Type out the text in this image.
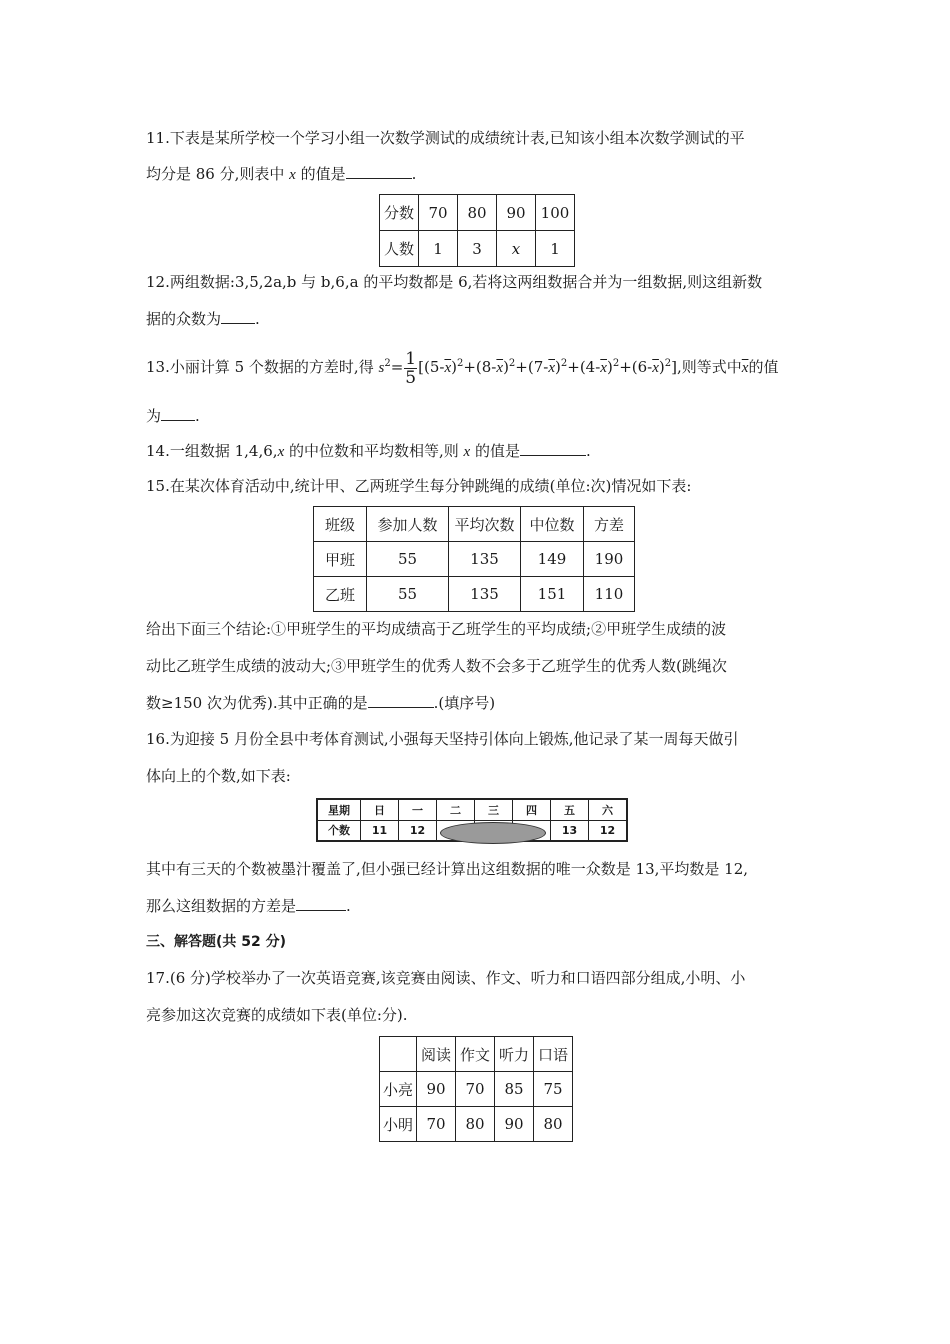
11.下表是某所学校一个学习小组一次数学测试的成绩统计表,已知该小组本次数学测试的平
均分是 86 分,则表中 x 的值是	.
分数	70	80	90	100
人数	1	3	x	1
12.两组数据:3,5,2a,b 与 b,6,a 的平均数都是 6,若将这两组数据合并为一组数据,则这组新数
据的众数为 .
13.小丽计算 5 个数据的方差时,得 $s^2= \frac{1}{5} [(5-\overline{x})^2+(8-\overline{x})^2+(7-\overline{x})^2+(4-\overline{x})^2+(6-\overline{x})^2]$,则等式中$\overline{x}$的值
为 .
14.一组数据 1,4,6,x 的中位数和平均数相等,则 x 的值是	.
15.在某次体育活动中,统计甲、乙两班学生每分钟跳绳的成绩(单位:次)情况如下表:
班级	参加人数	平均次数	中位数	方差
甲班	55	135	149	190
乙班	55	135	151	110
给出下面三个结论:①甲班学生的平均成绩高于乙班学生的平均成绩;②甲班学生成绩的波
动比乙班学生成绩的波动大;③甲班学生的优秀人数不会多于乙班学生的优秀人数(跳绳次
数≥150 次为优秀).其中正确的是	.(填序号)
16.为迎接 5 月份全县中考体育测试,小强每天坚持引体向上锻炼,他记录了某一周每天做引
体向上的个数,如下表:
星期	日	一	二	三	四	五	六
个数	11	12				13	12
其中有三天的个数被墨汁覆盖了,但小强已经计算出这组数据的唯一众数是 13,平均数是 12,
那么这组数据的方差是	.
三、解答题(共 52 分)
17.(6 分)学校举办了一次英语竞赛,该竞赛由阅读、作文、听力和口语四部分组成,小明、小
亮参加这次竞赛的成绩如下表(单位:分).
	阅读	作文	听力	口语
小亮	90	70	85	75
小明	70	80	90	80
